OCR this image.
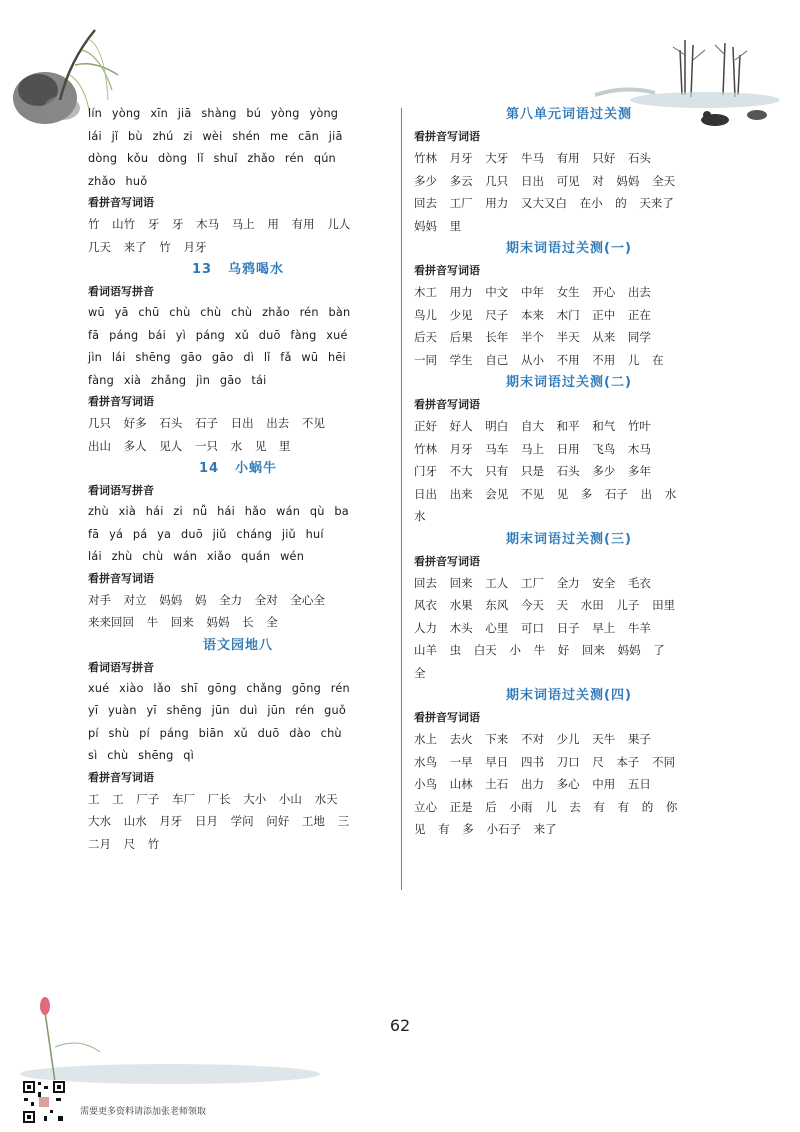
lín yòng xīn jiā shàng bú yòng yòng
lái jǐ bù zhú zi wèi shén me cān jiā
dòng kǒu dòng lǐ shuǐ zhǎo rén qún
zhǎo huǒ
看拼音写词语
竹 山竹 牙 牙 木马 马上 用 有用 儿人
几天 来了 竹 月牙
13 乌鸦喝水
看词语写拼音
wū yā chū chù chù chù zhǎo rén bàn
fā páng bái yì páng xǔ duō fàng xué
jìn lái shēng gāo gāo dì lǐ fǎ wū hēi
fàng xià zhǎng jìn gāo tái
看拼音写词语
几只 好多 石头 石子 日出 出去 不见
出山 多人 见人 一只 水 见 里
14 小蜗牛
看词语写拼音
zhù xià hái zi nǚ hái hǎo wán qù ba
fā yá pá ya duō jiǔ cháng jiǔ huí
lái zhù chù wán xiǎo quán wén
看拼音写词语
对手 对立 妈妈 妈 全力 全对 全心全
来来回回 牛 回来 妈妈 长 全
语文园地八
看词语写拼音
xué xiào lǎo shī gōng chǎng gōng rén
yī yuàn yī shēng jūn duì jūn rén guǒ
pí shù pí páng biān xǔ duō dào chù
sì chù shēng qì
看拼音写词语
工 工 厂子 车厂 厂长 大小 小山 水天
大水 山水 月牙 日月 学问 问好 工地 三
二月 尺 竹
第八单元词语过关测
看拼音写词语
竹林 月牙 大牙 牛马 有用 只好 石头
多少 多云 几只 日出 可见 对 妈妈 全天
回去 工厂 用力 又大又白 在小 的 天来了
妈妈 里
期末词语过关测(一)
看拼音写词语
木工 用力 中文 中年 女生 开心 出去
鸟儿 少见 尺子 本来 木门 正中 正在
后天 后果 长年 半个 半天 从来 同学
一同 学生 自己 从小 不用 不用 儿 在
期末词语过关测(二)
看拼音写词语
正好 好人 明白 自大 和平 和气 竹叶
竹林 月牙 马车 马上 日用 飞鸟 木马
门牙 不大 只有 只是 石头 多少 多年
日出 出来 会见 不见 见 多 石子 出 水
水
期末词语过关测(三)
看拼音写词语
回去 回来 工人 工厂 全力 安全 毛衣
风衣 水果 东风 今天 天 水田 儿子 田里
人力 木头 心里 可口 日子 早上 牛羊
山羊 虫 白天 小 牛 好 回来 妈妈 了
全
期末词语过关测(四)
看拼音写词语
水上 去火 下来 不对 少儿 天牛 果子
水鸟 一早 早日 四书 刀口 尺 本子 不同
小鸟 山林 土石 出力 多心 中用 五日
立心 正是 后 小雨 儿 去 有 有 的 你
见 有 多 小石子 来了
62
需要更多资料请添加张老师领取
